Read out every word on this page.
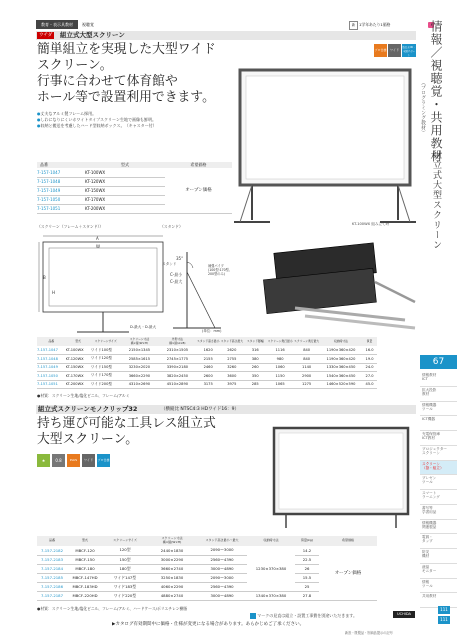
教育・表示具教材	視聴覚	新 1学年あたり1価格	情報／視聴覚・共用教材
（プログラミング教材）
組立式大型スクリーン
67
情報教材
ICT
拡大投影
教材
情報機器
ツール
ICT機器
充電保管庫
ICT教材
プロジェクター
スクリーン
スクリーン
（掛・組立）
プレゼン
ツール
スマート
ラーニング
書写等
学習用品
情報機器
関連製品
電源・
タップ
防災
機材
液晶
モニター
情報
ツール
共用教材
111
111
ウチダ	組立式大型スクリーン
簡単組立を実現した大型ワイド
スクリーン。
行事に合わせて体育館や
ホール等で設置利用できます。
●丈夫なアルミ製フレーム採用。
●しわになりにくいホワイトタイプスクリーン生地で画像も鮮明。
●収納と搬送を考慮したハード型収納ボックス。（キャスター付）
プロ仕様	ワイド
取替えOK・全国サポート
KT-100WX 組み立て時
品番	型式	希望価格
7-157-1047	KT-100WX	オープン価格
7-157-1048	KT-120WX	
7-157-1049	KT-150WX	
7-157-1050	KT-170WX	
7-157-1051	KT-200WX	
（スクリーン（フレーム＋スタンド））	（スタンド）
A
B
W
H
C-最小
C-最大
35°
スタンド	補強パイプ
(100型:170型,
200型のみ)
D-最大・D-最大
(単位：mm)
品番	型式	スクリーンサイズ	スクリーン寸法
横×縦(W×H)	外形寸法
横×縦(A×B)	スタンド高さ最小	スタンド高さ最大	スタンド脚幅	スクリーン奥行最小	スクリーン奥行最大	収納時寸法	質量
7-157-1047	KT-100WX	ワイド100型	2150×1345	2310×1505	1620	2620	316	1116	840	1190×360×420	16.0
7-157-1048	KT-120WX	ワイド120型	2585×1615	2745×1775	2155	2755	380	980	840	1190×360×420	19.0
7-157-1049	KT-150WX	ワイド150型	3230×2020	3390×2180	2460	3260	260	1060	1140	1330×360×450	24.0
7-157-1050	KT-170WX	ワイド170型	3660×2290	3820×2450	2600	3600	350	1150	2900	1540×360×450	27.0
7-157-1051	KT-200WX	ワイド200型	4310×2690	4510×2890	3175	3975	285	1065	1275	1460×520×590	45.0
●材質：スクリーン生地/塩化ビニル、フレーム/アルミ
組立式スクリーンモノクリップ32	（横縦比 NTSC4:3 HDワイド16：9）
持ち運び可能な工具レス組立式
大型スクリーン。
★	0.8	PLUS	ワイド	プロ仕様
品番	型式	スクリーンサイズ	スクリーン寸法
横×縦(W×H)	スタンド高さ最小〜最大	収納時寸法	質量(kg)	希望価格
7-157-2182	MBCF-120	120型	2440×1830	2090～3000	1230×370×380	14.2	オープン価格
7-157-2183	MBCF-150	150型	3000×2290	2560～4390		22.5	
7-157-2184	MBCF-180	180型	3660×2740	3000～4890		26	
7-157-2185	MBCF-147HD	ワイド147型	3250×1830	2090～3000		15.5	
7-157-2186	MBCF-183HD	ワイド183型	4060×2290	2560～4390		25	
7-157-2187	MBCF-220HD	ワイド220型	4880×2740	3000～4890	1340×370×380	27.8	
●材質：スクリーン生地/塩化ビニル、フレーム/アルミ、ハードケース/ポリエチレン樹脂
マークの見直は組立・設置工事費を別途いただきます。	UCHIDA
▶カタログ有効期間中に価格・仕様が変更になる場合があります。あらかじめご了承ください。
新設・既製品・別商品提示の記号
